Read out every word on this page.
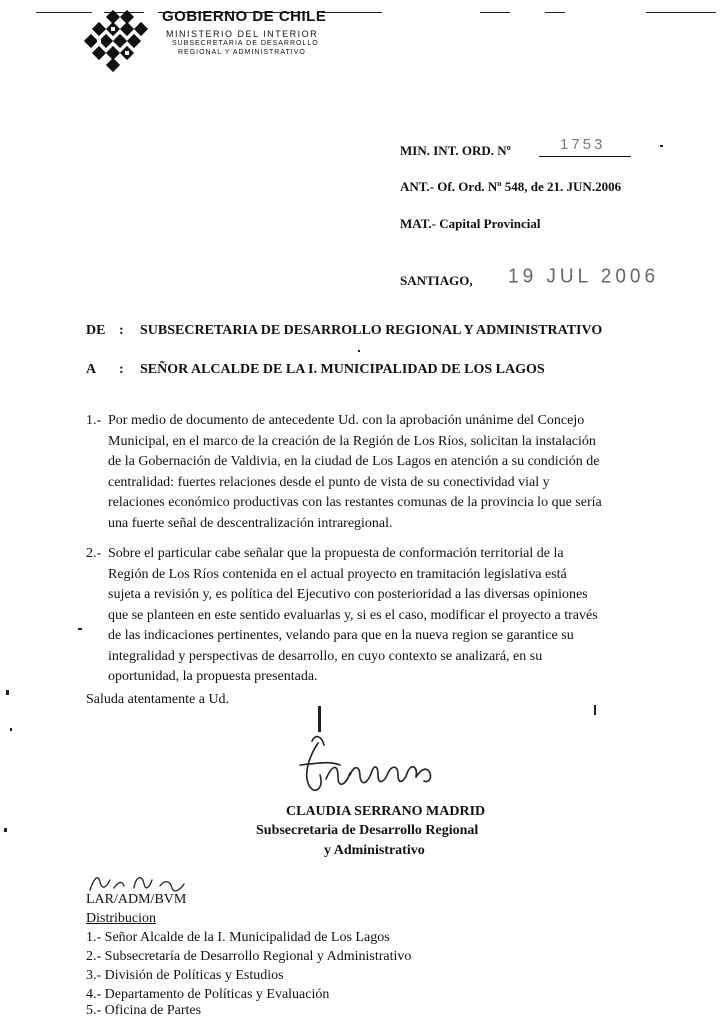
GOBIERNO DE CHILE
MINISTERIO DEL INTERIOR
SUBSECRETARIA DE DESARROLLO
REGIONAL Y ADMINISTRATIVO
MIN. INT. ORD. Nº	1753
ANT.- Of. Ord. Nº 548, de 21. JUN.2006
MAT.- Capital Provincial
SANTIAGO, 19 JUL 2006
DE : SUBSECRETARIA DE DESARROLLO REGIONAL Y ADMINISTRATIVO
A : SEÑOR ALCALDE DE LA I. MUNICIPALIDAD DE LOS LAGOS
1.- Por medio de documento de antecedente Ud. con la aprobación unánime del Concejo
Municipal, en el marco de la creación de la Región de Los Ríos, solicitan la instalación
de la Gobernación de Valdivia, en la ciudad de Los Lagos en atención a su condición de
centralidad: fuertes relaciones desde el punto de vista de su conectividad vial y
relaciones económico productivas con las restantes comunas de la provincia lo que sería
una fuerte señal de descentralización intraregional.
2.- Sobre el particular cabe señalar que la propuesta de conformación territorial de la
Región de Los Ríos contenida en el actual proyecto en tramitación legislativa está
sujeta a revisión y, es política del Ejecutivo con posterioridad a las diversas opiniones
que se planteen en este sentido evaluarlas y, si es el caso, modificar el proyecto a través
de las indicaciones pertinentes, velando para que en la nueva region se garantice su
integralidad y perspectivas de desarrollo, en cuyo contexto se analizará, en su
oportunidad, la propuesta presentada.
Saluda atentamente a Ud.
CLAUDIA SERRANO MADRID
Subsecretaria de Desarrollo Regional
y Administrativo
LAR/ADM/BVM
Distribucion
1.- Señor Alcalde de la I. Municipalidad de Los Lagos
2.- Subsecretaría de Desarrollo Regional y Administrativo
3.- División de Políticas y Estudios
4.- Departamento de Políticas y Evaluación
5.- Oficina de Partes
